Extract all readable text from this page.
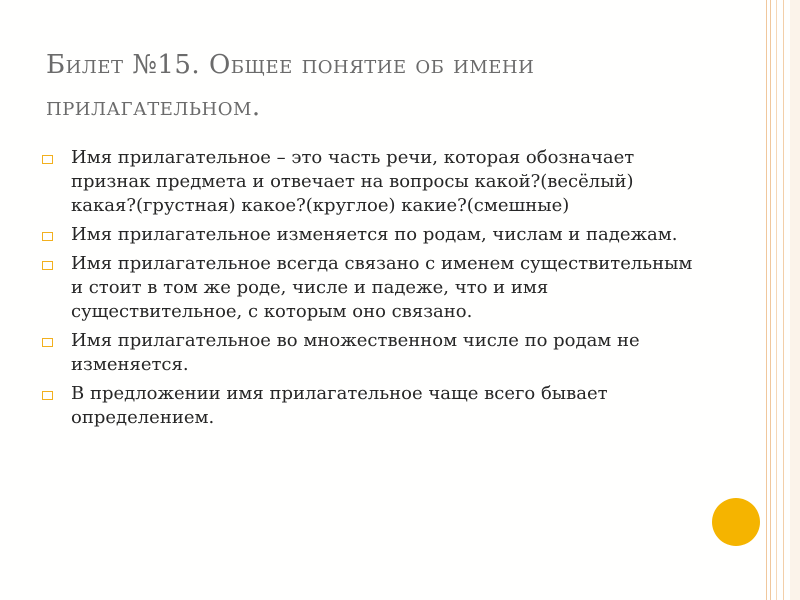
Билет №15. Общее понятие об имени прилагательном.
Имя прилагательное – это часть речи, которая обозначает признак предмета и отвечает на вопросы какой?(весёлый) какая?(грустная) какое?(круглое) какие?(смешные)
Имя прилагательное изменяется по родам, числам и падежам.
Имя прилагательное всегда связано с именем существительным и стоит в том же роде, числе и падеже, что и имя существительное, с которым оно связано.
Имя прилагательное во множественном числе по родам не изменяется.
В предложении имя прилагательное чаще всего бывает определением.
